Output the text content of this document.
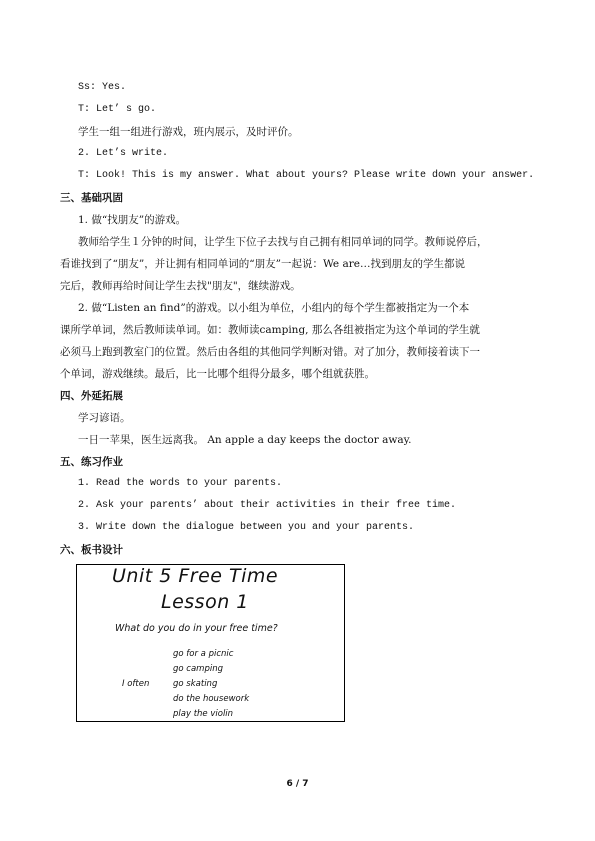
Ss: Yes.
T: Let’ s go.
学生一组一组进行游戏，班内展示，及时评价。
2. Let’s write.
T: Look! This is my answer. What about yours? Please write down your answer.
三、基础巩固
1. 做“找朋友”的游戏。
教师给学生１分钟的时间，让学生下位子去找与自己拥有相同单词的同学。教师说停后，
看谁找到了“朋友”，并让拥有相同单词的“朋友”一起说：We are…找到朋友的学生都说
完后，教师再给时间让学生去找"朋友"，继续游戏。
2. 做“Listen an find”的游戏。以小组为单位，小组内的每个学生都被指定为一个本
课所学单词，然后教师读单词。如：教师读camping, 那么各组被指定为这个单词的学生就
必须马上跑到教室门的位置。然后由各组的其他同学判断对错。对了加分，教师接着读下一
个单词，游戏继续。最后，比一比哪个组得分最多，哪个组就获胜。
四、外延拓展
学习谚语。
一日一苹果，医生远离我。 An apple a day keeps the doctor away.
五、练习作业
1. Read the words to your parents.
2. Ask your parents’ about their activities in their free time.
3. Write down the dialogue between you and your parents.
六、板书设计
Unit 5 Free Time
Lesson 1
What do you do in your free time?
I often
go for a picnic
go camping
go skating
do the housework
play the violin
6 / 7
